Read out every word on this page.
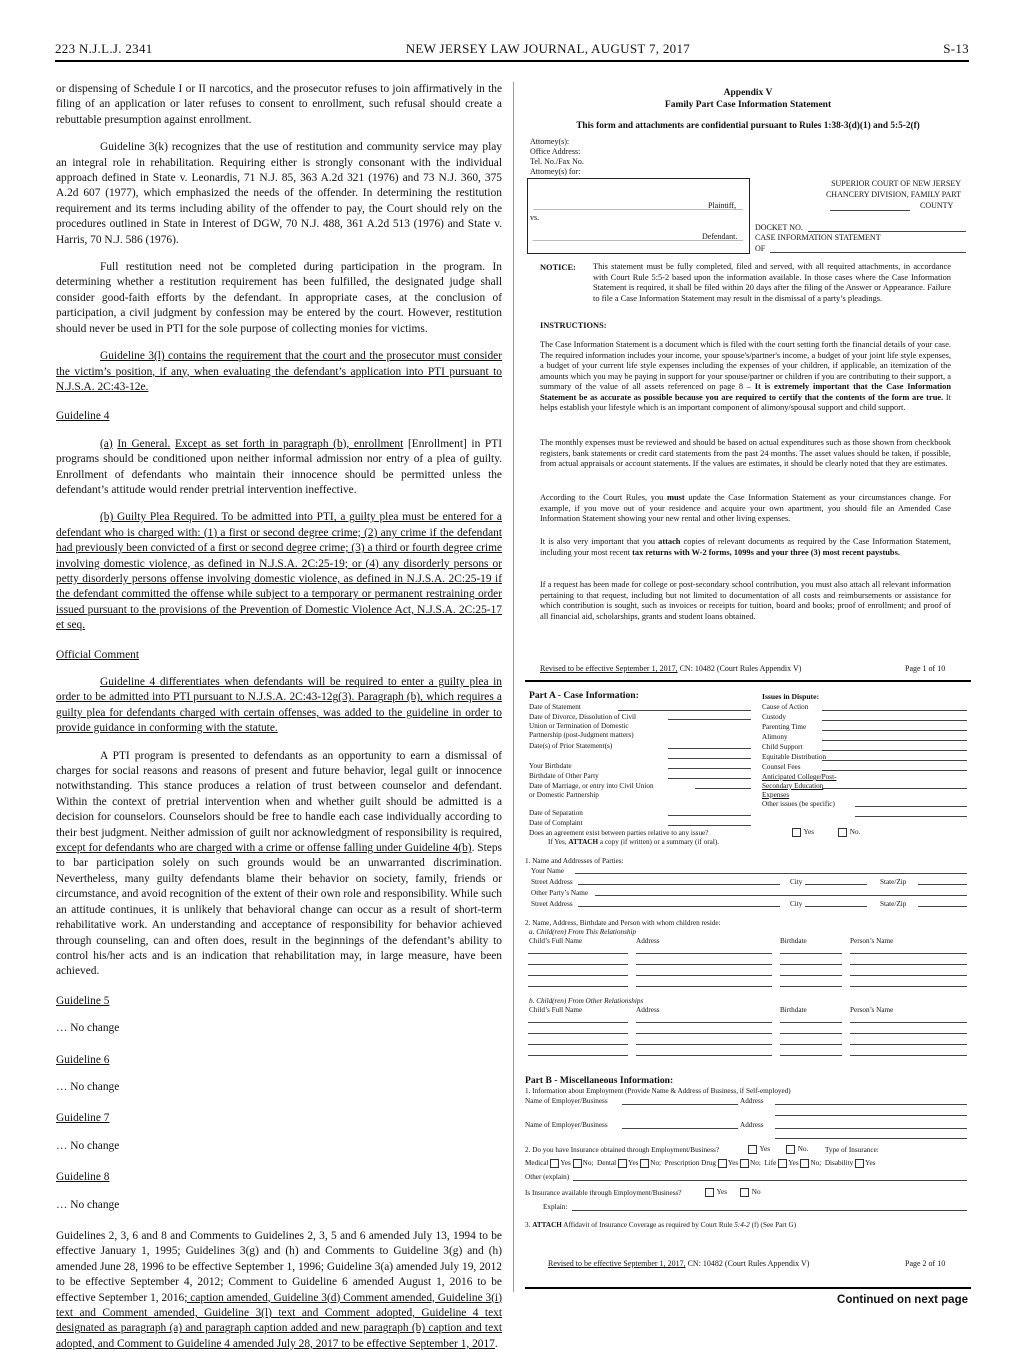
223 N.J.L.J. 2341	NEW JERSEY LAW JOURNAL, AUGUST 7, 2017	S-13

or dispensing of Schedule I or II narcotics, and the prosecutor refuses to join affirmatively in the filing of an application or later refuses to consent to enrollment, such refusal should create a rebuttable presumption against enrollment.

Guideline 3(k) recognizes that the use of restitution and community service may play an integral role in rehabilitation. Requiring either is strongly consonant with the individual approach defined in State v. Leonardis, 71 N.J. 85, 363 A.2d 321 (1976) and 73 N.J. 360, 375 A.2d 607 (1977), which emphasized the needs of the offender. In determining the restitution requirement and its terms including ability of the offender to pay, the Court should rely on the procedures outlined in State in Interest of DGW, 70 N.J. 488, 361 A.2d 513 (1976) and State v. Harris, 70 N.J. 586 (1976).

Full restitution need not be completed during participation in the program. In determining whether a restitution requirement has been fulfilled, the designated judge shall consider good-faith efforts by the defendant. In appropriate cases, at the conclusion of participation, a civil judgment by confession may be entered by the court. However, restitution should never be used in PTI for the sole purpose of collecting monies for victims.

Guideline 3(l) contains the requirement that the court and the prosecutor must consider the victim’s position, if any, when evaluating the defendant’s application into PTI pursuant to N.J.S.A. 2C:43-12e.

Guideline 4

(a) In General. Except as set forth in paragraph (b), enrollment [Enrollment] in PTI programs should be conditioned upon neither informal admission nor entry of a plea of guilty. Enrollment of defendants who maintain their innocence should be permitted unless the defendant’s attitude would render pretrial intervention ineffective.

(b) Guilty Plea Required. To be admitted into PTI, a guilty plea must be entered for a defendant who is charged with: (1) a first or second degree crime; (2) any crime if the defendant had previously been convicted of a first or second degree crime; (3) a third or fourth degree crime involving domestic violence, as defined in N.J.S.A. 2C:25-19; or (4) any disorderly persons or petty disorderly persons offense involving domestic violence, as defined in N.J.S.A. 2C:25-19 if the defendant committed the offense while subject to a temporary or permanent restraining order issued pursuant to the provisions of the Prevention of Domestic Violence Act, N.J.S.A. 2C:25-17 et seq.

Official Comment

Guideline 4 differentiates when defendants will be required to enter a guilty plea in order to be admitted into PTI pursuant to N.J.S.A. 2C:43-12g(3). Paragraph (b), which requires a guilty plea for defendants charged with certain offenses, was added to the guideline in order to provide guidance in conforming with the statute.

A PTI program is presented to defendants as an opportunity to earn a dismissal of charges for social reasons and reasons of present and future behavior, legal guilt or innocence notwithstanding. This stance produces a relation of trust between counselor and defendant. Within the context of pretrial intervention when and whether guilt should be admitted is a decision for counselors. Counselors should be free to handle each case individually according to their best judgment. Neither admission of guilt nor acknowledgment of responsibility is required, except for defendants who are charged with a crime or offense falling under Guideline 4(b). Steps to bar participation solely on such grounds would be an unwarranted discrimination. Nevertheless, many guilty defendants blame their behavior on society, family, friends or circumstance, and avoid recognition of the extent of their own role and responsibility. While such an attitude continues, it is unlikely that behavioral change can occur as a result of short-term rehabilitative work. An understanding and acceptance of responsibility for behavior achieved through counseling, can and often does, result in the beginnings of the defendant’s ability to control his/her acts and is an indication that rehabilitation may, in large measure, have been achieved.

Guideline 5

… No change

Guideline 6

… No change

Guideline 7

… No change

Guideline 8

… No change

Guidelines 2, 3, 6 and 8 and Comments to Guidelines 2, 3, 5 and 6 amended July 13, 1994 to be effective January 1, 1995; Guidelines 3(g) and (h) and Comments to Guideline 3(g) and (h) amended June 28, 1996 to be effective September 1, 1996; Guideline 3(a) amended July 19, 2012 to be effective September 4, 2012; Comment to Guideline 6 amended August 1, 2016 to be effective September 1, 2016; caption amended, Guideline 3(d) Comment amended, Guideline 3(i) text and Comment amended, Guideline 3(l) text and Comment adopted, Guideline 4 text designated as paragraph (a) and paragraph caption added and new paragraph (b) caption and text adopted, and Comment to Guideline 4 amended July 28, 2017 to be effective September 1, 2017.

Appendix V
Family Part Case Information Statement
This form and attachments are confidential pursuant to Rules 1:38-3(d)(1) and 5:5-2(f)
Attorney(s):
Office Address:
Tel. No./Fax No.
Attorney(s) for:
Plaintiff,
vs.
Defendant.
SUPERIOR COURT OF NEW JERSEY
CHANCERY DIVISION, FAMILY PART
COUNTY
DOCKET NO.
CASE INFORMATION STATEMENT
OF
NOTICE: This statement must be fully completed, filed and served, with all required attachments, in accordance with Court Rule 5:5-2 based upon the information available. In those cases where the Case Information Statement is required, it shall be filed within 20 days after the filing of the Answer or Appearance. Failure to file a Case Information Statement may result in the dismissal of a party’s pleadings.
INSTRUCTIONS:
The Case Information Statement is a document which is filed with the court setting forth the financial details of your case. The required information includes your income, your spouse's/partner's income, a budget of your joint life style expenses, a budget of your current life style expenses including the expenses of your children, if applicable, an itemization of the amounts which you may be paying in support for your spouse/partner or children if you are contributing to their support, a summary of the value of all assets referenced on page 8 – It is extremely important that the Case Information Statement be as accurate as possible because you are required to certify that the contents of the form are true. It helps establish your lifestyle which is an important component of alimony/spousal support and child support.
The monthly expenses must be reviewed and should be based on actual expenditures such as those shown from checkbook registers, bank statements or credit card statements from the past 24 months. The asset values should be taken, if possible, from actual appraisals or account statements. If the values are estimates, it should be clearly noted that they are estimates.
According to the Court Rules, you must update the Case Information Statement as your circumstances change. For example, if you move out of your residence and acquire your own apartment, you should file an Amended Case Information Statement showing your new rental and other living expenses.
It is also very important that you attach copies of relevant documents as required by the Case Information Statement, including your most recent tax returns with W-2 forms, 1099s and your three (3) most recent paystubs.
If a request has been made for college or post-secondary school contribution, you must also attach all relevant information pertaining to that request, including but not limited to documentation of all costs and reimbursements or assistance for which contribution is sought, such as invoices or receipts for tuition, board and books; proof of enrollment; and proof of all financial aid, scholarships, grants and student loans obtained.
Revised to be effective September 1, 2017, CN: 10482 (Court Rules Appendix V)	Page 1 of 10
Part A - Case Information:	Issues in Dispute:
Date of Statement
Date of Divorce, Dissolution of Civil
Union or Termination of Domestic
Partnership (post-Judgment matters)
Date(s) of Prior Statement(s)
Your Birthdate
Birthdate of Other Party
Date of Marriage, or entry into Civil Union
or Domestic Partnership
Date of Separation
Date of Complaint
Does an agreement exist between parties relative to any issue?
If Yes, ATTACH a copy (if written) or a summary (if oral).
Yes	No.
Cause of Action
Custody
Parenting Time
Alimony
Child Support
Equitable Distribution
Counsel Fees
Anticipated College/Post-
Secondary Education
Expenses
Other issues (be specific)
1. Name and Addresses of Parties:
Your Name
Street Address	City	State/Zip
Other Party’s Name
Street Address	City	State/Zip
2. Name, Address, Birthdate and Person with whom children reside:
a. Child(ren) From This Relationship
Child’s Full Name	Address	Birthdate	Person’s Name
b. Child(ren) From Other Relationships
Child’s Full Name	Address	Birthdate	Person’s Name
Part B - Miscellaneous Information:
1. Information about Employment (Provide Name & Address of Business, if Self-employed)
Name of Employer/Business	Address
Name of Employer/Business	Address
2. Do you have Insurance obtained through Employment/Business?	Yes	No. Type of Insurance:
Medical Yes No;  Dental Yes No;  Prescription Drug Yes No;  Life Yes No;  Disability Yes
Other (explain)
Is Insurance available through Employment/Business?	Yes	No
Explain:
3. ATTACH Affidavit of Insurance Coverage as required by Court Rule 5:4-2 (f) (See Part G)
Revised to be effective September 1, 2017, CN: 10482 (Court Rules Appendix V)	Page 2 of 10
Continued on next page
